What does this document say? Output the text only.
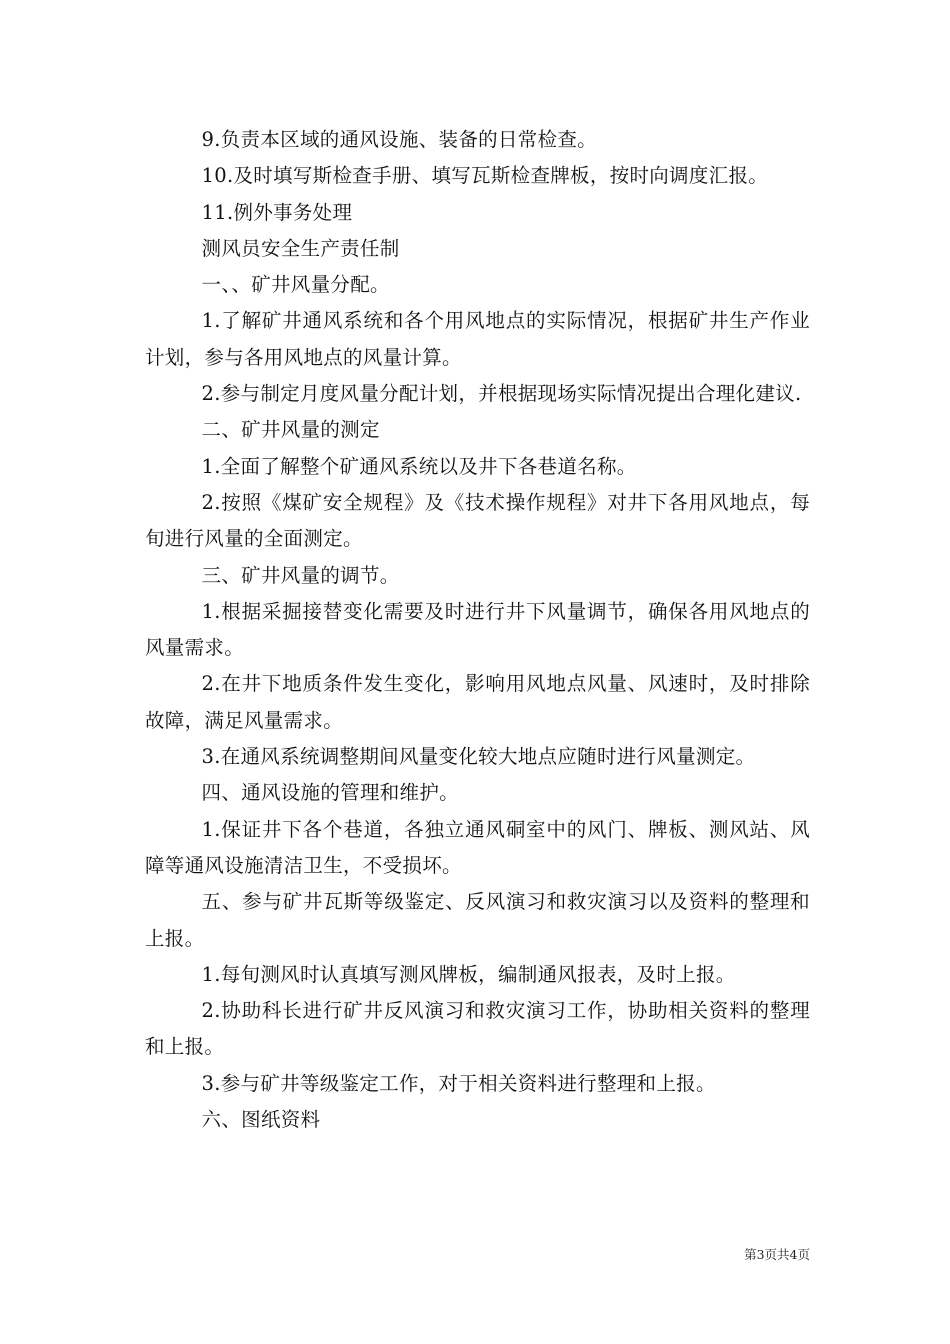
9.负责本区域的通风设施、装备的日常检查。

10.及时填写斯检查手册、填写瓦斯检查牌板，按时向调度汇报。

11.例外事务处理

测风员安全生产责任制

一、、矿井风量分配。

1.了解矿井通风系统和各个用风地点的实际情况，根据矿井生产作业计划，参与各用风地点的风量计算。

2.参与制定月度风量分配计划，并根据现场实际情况提出合理化建议.

二、矿井风量的测定

1.全面了解整个矿通风系统以及井下各巷道名称。

2.按照《煤矿安全规程》及《技术操作规程》对井下各用风地点，每旬进行风量的全面测定。

三、矿井风量的调节。

1.根据采掘接替变化需要及时进行井下风量调节，确保各用风地点的风量需求。

2.在井下地质条件发生变化，影响用风地点风量、风速时，及时排除故障，满足风量需求。

3.在通风系统调整期间风量变化较大地点应随时进行风量测定。

四、通风设施的管理和维护。

1.保证井下各个巷道，各独立通风硐室中的风门、牌板、测风站、风障等通风设施清洁卫生，不受损坏。

五、参与矿井瓦斯等级鉴定、反风演习和救灾演习以及资料的整理和上报。

1.每旬测风时认真填写测风牌板，编制通风报表，及时上报。

2.协助科长进行矿井反风演习和救灾演习工作，协助相关资料的整理和上报。

3.参与矿井等级鉴定工作，对于相关资料进行整理和上报。

六、图纸资料

第3页共4页
